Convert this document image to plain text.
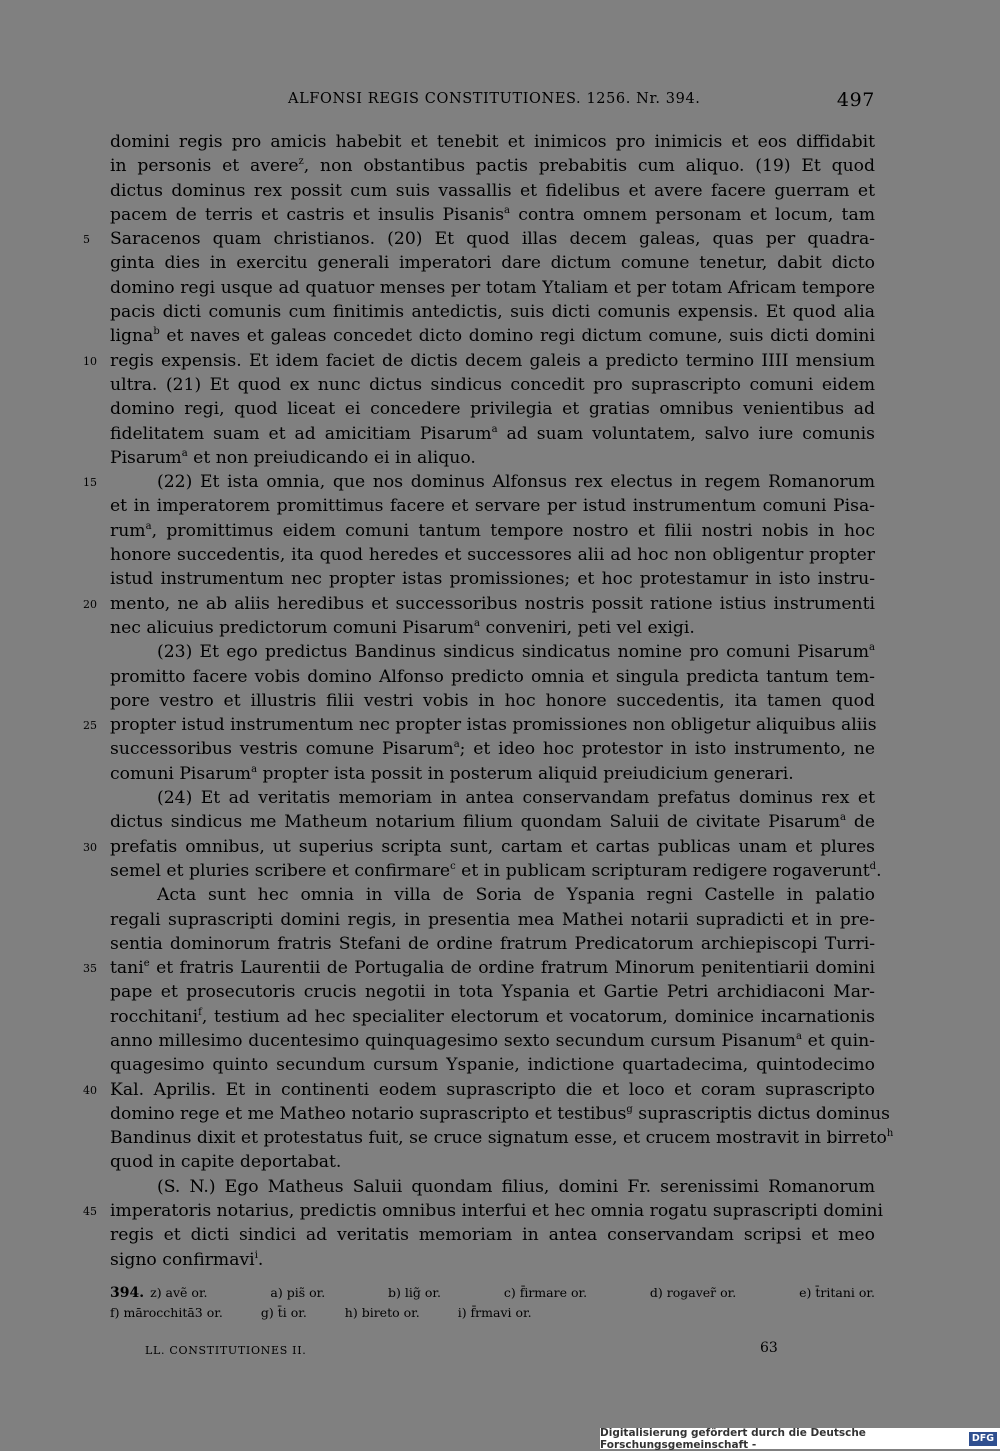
ALFONSI REGIS CONSTITUTIONES. 1256. Nr. 394.	497
domini regis pro amicis habebit et tenebit et inimicos pro inimicis et eos diffidabit
in personis et avere$^z$, non obstantibus pactis prebabitis cum aliquo. (19) Et quod
dictus dominus rex possit cum suis vassallis et fidelibus et avere facere guerram et
pacem de terris et castris et insulis Pisanis$^a$ contra omnem personam et locum, tam
5	Saracenos quam christianos. (20) Et quod illas decem galeas, quas per quadra-
ginta dies in exercitu generali imperatori dare dictum comune tenetur, dabit dicto
domino regi usque ad quatuor menses per totam Ytaliam et per totam Africam tempore
pacis dicti comunis cum finitimis antedictis, suis dicti comunis expensis. Et quod alia
ligna$^b$ et naves et galeas concedet dicto domino regi dictum comune, suis dicti domini
10 regis expensis. Et idem faciet de dictis decem galeis a predicto termino IIII mensium
ultra. (21) Et quod ex nunc dictus sindicus concedit pro suprascripto comuni eidem
domino regi, quod liceat ei concedere privilegia et gratias omnibus venientibus ad
fidelitatem suam et ad amicitiam Pisarum$^a$ ad suam voluntatem, salvo iure comunis
Pisarum$^a$ et non preiudicando ei in aliquo.
15	(22) Et ista omnia, que nos dominus Alfonsus rex electus in regem Romanorum
et in imperatorem promittimus facere et servare per istud instrumentum comuni Pisa-
rum$^a$, promittimus eidem comuni tantum tempore nostro et filii nostri nobis in hoc
honore succedentis, ita quod heredes et successores alii ad hoc non obligentur propter
istud instrumentum nec propter istas promissiones; et hoc protestamur in isto instru-
20 mento, ne ab aliis heredibus et successoribus nostris possit ratione istius instrumenti
nec alicuius predictorum comuni Pisarum$^a$ conveniri, peti vel exigi.
(23) Et ego predictus Bandinus sindicus sindicatus nomine pro comuni Pisarum$^a$
promitto facere vobis domino Alfonso predicto omnia et singula predicta tantum tem-
pore vestro et illustris filii vestri vobis in hoc honore succedentis, ita tamen quod
25 propter istud instrumentum nec propter istas promissiones non obligetur aliquibus aliis
successoribus vestris comune Pisarum$^a$; et ideo hoc protestor in isto instrumento, ne
comuni Pisarum$^a$ propter ista possit in posterum aliquid preiudicium generari.
(24) Et ad veritatis memoriam in antea conservandam prefatus dominus rex et
dictus sindicus me Matheum notarium filium quondam Saluii de civitate Pisarum$^a$ de
30 prefatis omnibus, ut superius scripta sunt, cartam et cartas publicas unam et plures
semel et pluries scribere et confirmare$^c$ et in publicam scripturam redigere rogaverunt$^d$.
Acta sunt hec omnia in villa de Soria de Yspania regni Castelle in palatio
regali suprascripti domini regis, in presentia mea Mathei notarii supradicti et in pre-
sentia dominorum fratris Stefani de ordine fratrum Predicatorum archiepiscopi Turri-
35 tani$^e$ et fratris Laurentii de Portugalia de ordine fratrum Minorum penitentiarii domini
pape et prosecutoris crucis negotii in tota Yspania et Gartie Petri archidiaconi Mar-
rocchitani$^f$, testium ad hec specialiter electorum et vocatorum, dominice incarnationis
anno millesimo ducentesimo quinquagesimo sexto secundum cursum Pisanum$^a$ et quin-
quagesimo quinto secundum cursum Yspanie, indictione quartadecima, quintodecimo
40 Kal. Aprilis. Et in continenti eodem suprascripto die et loco et coram suprascripto
domino rege et me Matheo notario suprascripto et testibus$^g$ suprascriptis dictus dominus
Bandinus dixit et protestatus fuit, se cruce signatum esse, et crucem mostravit in birreto$^h$
quod in capite deportabat.
(S. N.) Ego Matheus Saluii quondam filius, domini Fr. serenissimi Romanorum
45 imperatoris notarius, predictis omnibus interfui et hec omnia rogatu suprascripti domini
regis et dicti sindici ad veritatis memoriam in antea conservandam scripsi et meo
signo confirmavi$^i$.
394. z) avẽ or.	a) pis̃ or.	b) lig̃ or.	c) f̄irmare or.	d) rogaver̃ or.	e) t̄ritani or.
f) mārocchitā3 or.	g) t̄i or.	h) bireto or.	i) f̄rmavi or.
LL. CONSTITUTIONES II.	63
Digitalisierung gefördert durch die Deutsche Forschungsgemeinschaft -
DFG
